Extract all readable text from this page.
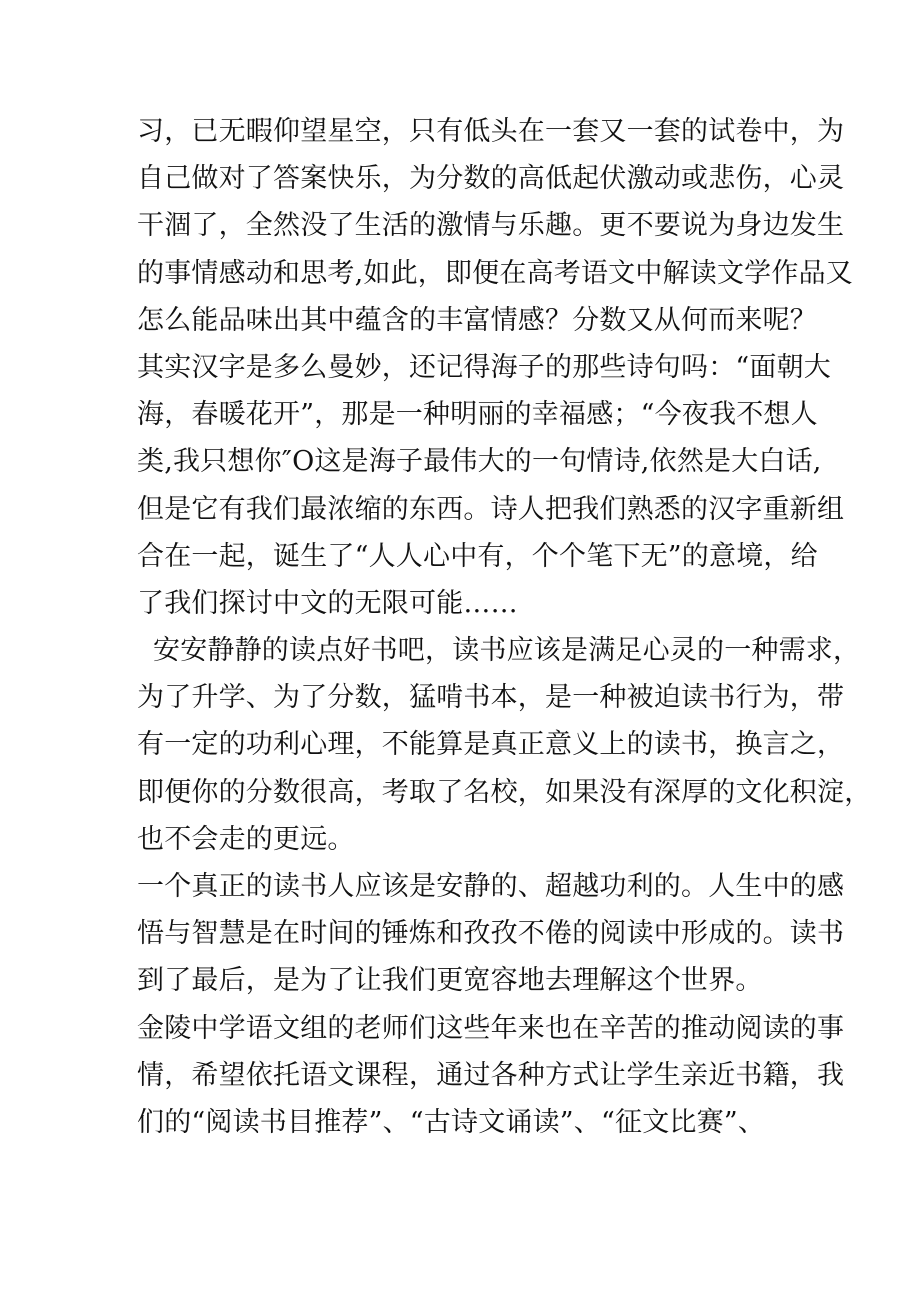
习，已无暇仰望星空，只有低头在一套又一套的试卷中，为
自己做对了答案快乐，为分数的高低起伏激动或悲伤，心灵
干涸了，全然没了生活的激情与乐趣。更不要说为身边发生
的事情感动和思考,如此，即便在高考语文中解读文学作品又
怎么能品味出其中蕴含的丰富情感？分数又从何而来呢？
其实汉字是多么曼妙，还记得海子的那些诗句吗：“面朝大
海，春暖花开”，那是一种明丽的幸福感；“今夜我不想人
类,我只想你″O这是海子最伟大的一句情诗,依然是大白话,
但是它有我们最浓缩的东西。诗人把我们熟悉的汉字重新组
合在一起，诞生了“人人心中有，个个笔下无”的意境，给
了我们探讨中文的无限可能……
安安静静的读点好书吧，读书应该是满足心灵的一种需求，
为了升学、为了分数，猛啃书本，是一种被迫读书行为，带
有一定的功利心理，不能算是真正意义上的读书，换言之，
即便你的分数很高，考取了名校，如果没有深厚的文化积淀，
也不会走的更远。
一个真正的读书人应该是安静的、超越功利的。人生中的感
悟与智慧是在时间的锤炼和孜孜不倦的阅读中形成的。读书
到了最后，是为了让我们更宽容地去理解这个世界。
金陵中学语文组的老师们这些年来也在辛苦的推动阅读的事
情，希望依托语文课程，通过各种方式让学生亲近书籍，我
们的“阅读书目推荐”、“古诗文诵读”、“征文比赛”、
